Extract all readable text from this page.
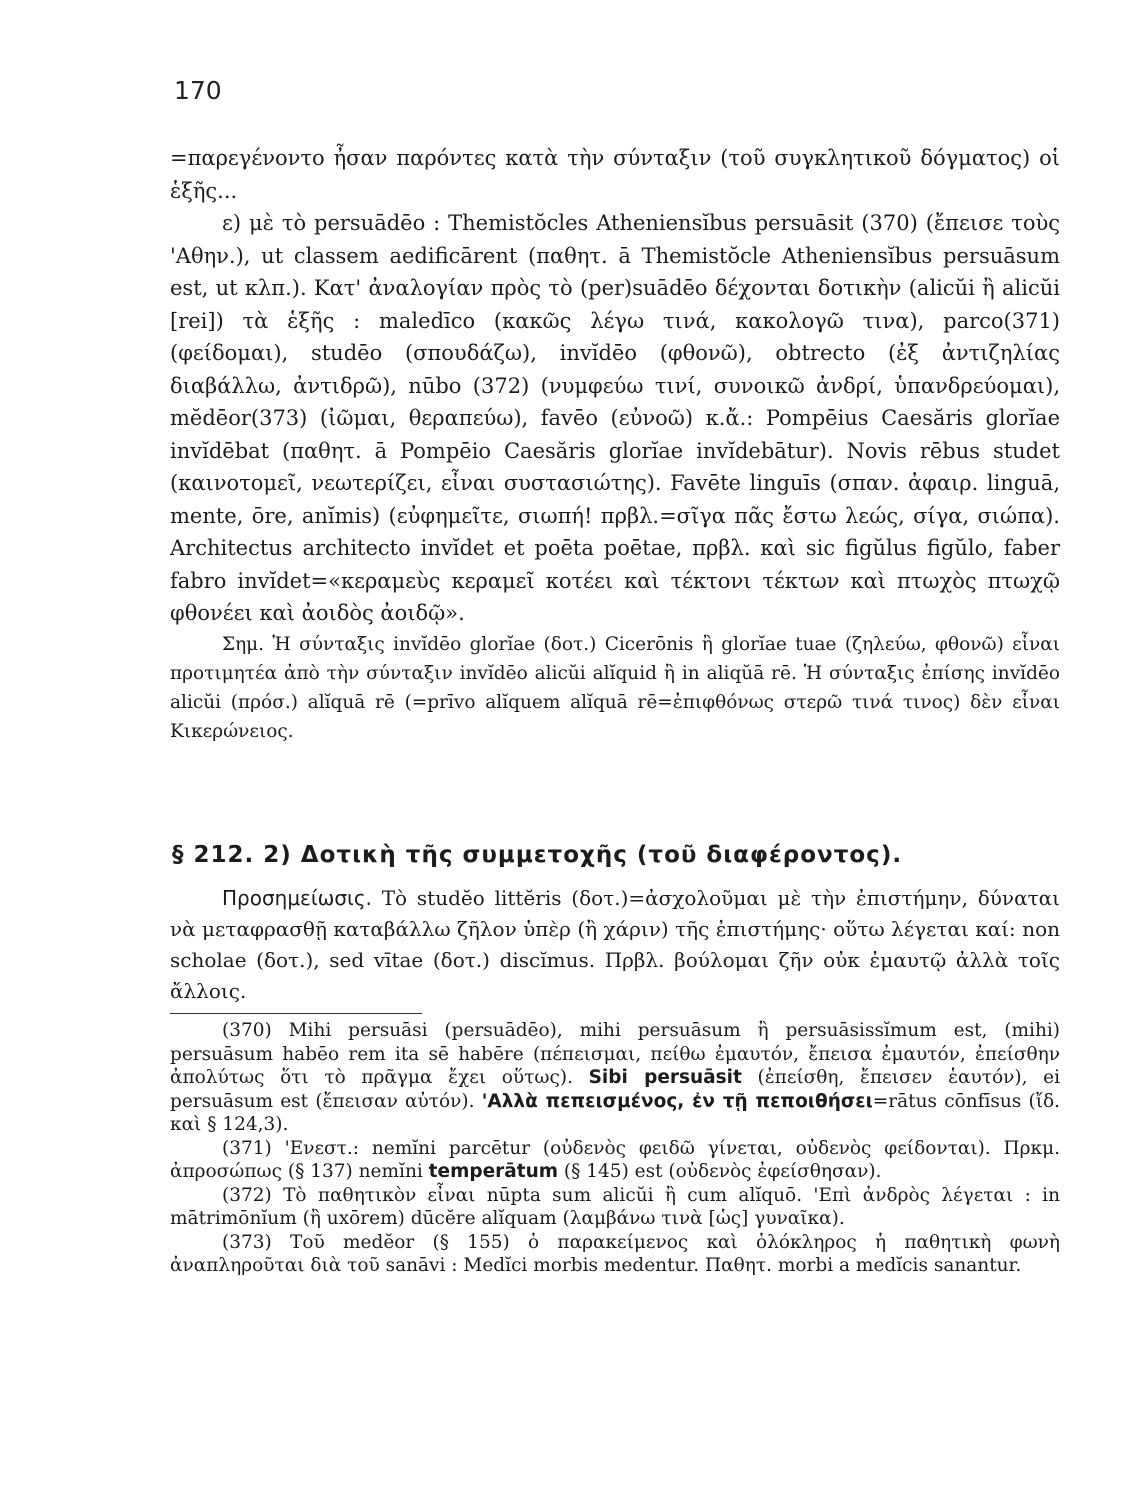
170

=παρεγένοντο ἦσαν παρόντες κατὰ τὴν σύνταξιν (τοῦ συγκλητικοῦ δόγματος) οἱ ἑξῆς...

ε) μὲ τὸ persuādēo : Themistŏcles Atheniensĭbus persuāsit (370) (ἔπεισε τοὺς 'Αθην.), ut classem aedificārent (παθητ. ā Themistŏcle Atheniensĭbus persuāsum est, ut κλπ.). Κατ' ἀναλογίαν πρὸς τὸ (per)suādēo δέχονται δοτικὴν (alicŭi ἢ alicŭi [rei]) τὰ ἑξῆς : maledīco (κακῶς λέγω τινά, κακολογῶ τινα), parco(371) (φείδομαι), studēo (σπουδάζω), invĭdēo (φθονῶ), obtrecto (ἐξ ἀντιζηλίας διαβάλλω, ἀντιδρῶ), nūbo (372) (νυμφεύω τινί, συνοικῶ ἀνδρί, ὑπανδρεύομαι), mĕdēor(373) (ἰῶμαι, θεραπεύω), favēo (εὐνοῶ) κ.ἄ.: Pompēius Caesăris glorĭae invĭdēbat (παθητ. ā Pompēio Caesăris glorĭae invĭdebātur). Novis rēbus studet (καινοτομεῖ, νεωτερίζει, εἶναι συστασιώτης). Favēte linguīs (σπαν. ἀφαιρ. linguā, mente, ōre, anĭmis) (εὐφημεῖτε, σιωπή! πρβλ.=σῖγα πᾶς ἔστω λεώς, σίγα, σιώπα). Architectus architecto invĭdet et poēta poētae, πρβλ. καὶ sic figŭlus figŭlo, faber fabro invĭdet=«κεραμεὺς κεραμεῖ κοτέει καὶ τέκτονι τέκτων καὶ πτωχὸς πτωχῷ φθονέει καὶ ἀοιδὸς ἀοιδῷ».

Σημ. Ἡ σύνταξις invĭdēo glorĭae (δοτ.) Cicerōnis ἢ glorĭae tuae (ζηλεύω, φθονῶ) εἶναι προτιμητέα ἀπὸ τὴν σύνταξιν invĭdēo alicŭi alĭquid ἢ in aliqŭā rē. Ἡ σύνταξις ἐπίσης invĭdēo alicŭi (πρόσ.) alĭquā rē (=prīvo alĭquem alĭquā rē=ἐπιφθόνως στερῶ τινά τινος) δὲν εἶναι Κικερώνειος.

§ 212. 2) Δοτικὴ τῆς συμμετοχῆς (τοῦ διαφέροντος).

Προσημείωσις. Τὸ studĕo littĕris (δοτ.)=ἀσχολοῦμαι μὲ τὴν ἐπιστήμην, δύναται νὰ μεταφρασθῇ καταβάλλω ζῆλον ὑπὲρ (ἢ χάριν) τῆς ἐπιστήμης· οὕτω λέγεται καί: non scholae (δοτ.), sed vītae (δοτ.) discĭmus. Πρβλ. βούλομαι ζῆν οὐκ ἐμαυτῷ ἀλλὰ τοῖς ἄλλοις.

(370) Mihi persuāsi (persuādēo), mihi persuāsum ἢ persuāsissĭmum est, (mihi) persuāsum habēo rem ita sē habēre (πέπεισμαι, πείθω ἐμαυτόν, ἔπεισα ἐμαυτόν, ἐπείσθην ἀπολύτως ὅτι τὸ πρᾶγμα ἔχει οὕτως). Sibi persuāsit (ἐπείσθη, ἔπεισεν ἑαυτόν), ei persuāsum est (ἔπεισαν αὐτόν). 'Αλλὰ πεπεισμένος, ἐν τῇ πεποιθήσει=rātus cōnfīsus (ἴδ. καὶ § 124,3).

(371) 'Ενεστ.: nemĭni parcētur (οὐδενὸς φειδῶ γίνεται, οὐδενὸς φείδονται). Πρκμ. ἀπροσώπως (§ 137) nemĭni temperātum (§ 145) est (οὐδενὸς ἐφείσθησαν).

(372) Τὸ παθητικὸν εἶναι nūpta sum alicŭi ἢ cum alĭquō. 'Επὶ ἀνδρὸς λέγεται : in mātrimōnĭum (ἢ uxōrem) dūcĕre alĭquam (λαμβάνω τινὰ [ὡς] γυναῖκα).

(373) Τοῦ medĕor (§ 155) ὁ παρακείμενος καὶ ὁλόκληρος ἡ παθητικὴ φωνὴ ἀναπληροῦται διὰ τοῦ sanāvi : Medĭci morbis medentur. Παθητ. morbi a medĭcis sanantur.
